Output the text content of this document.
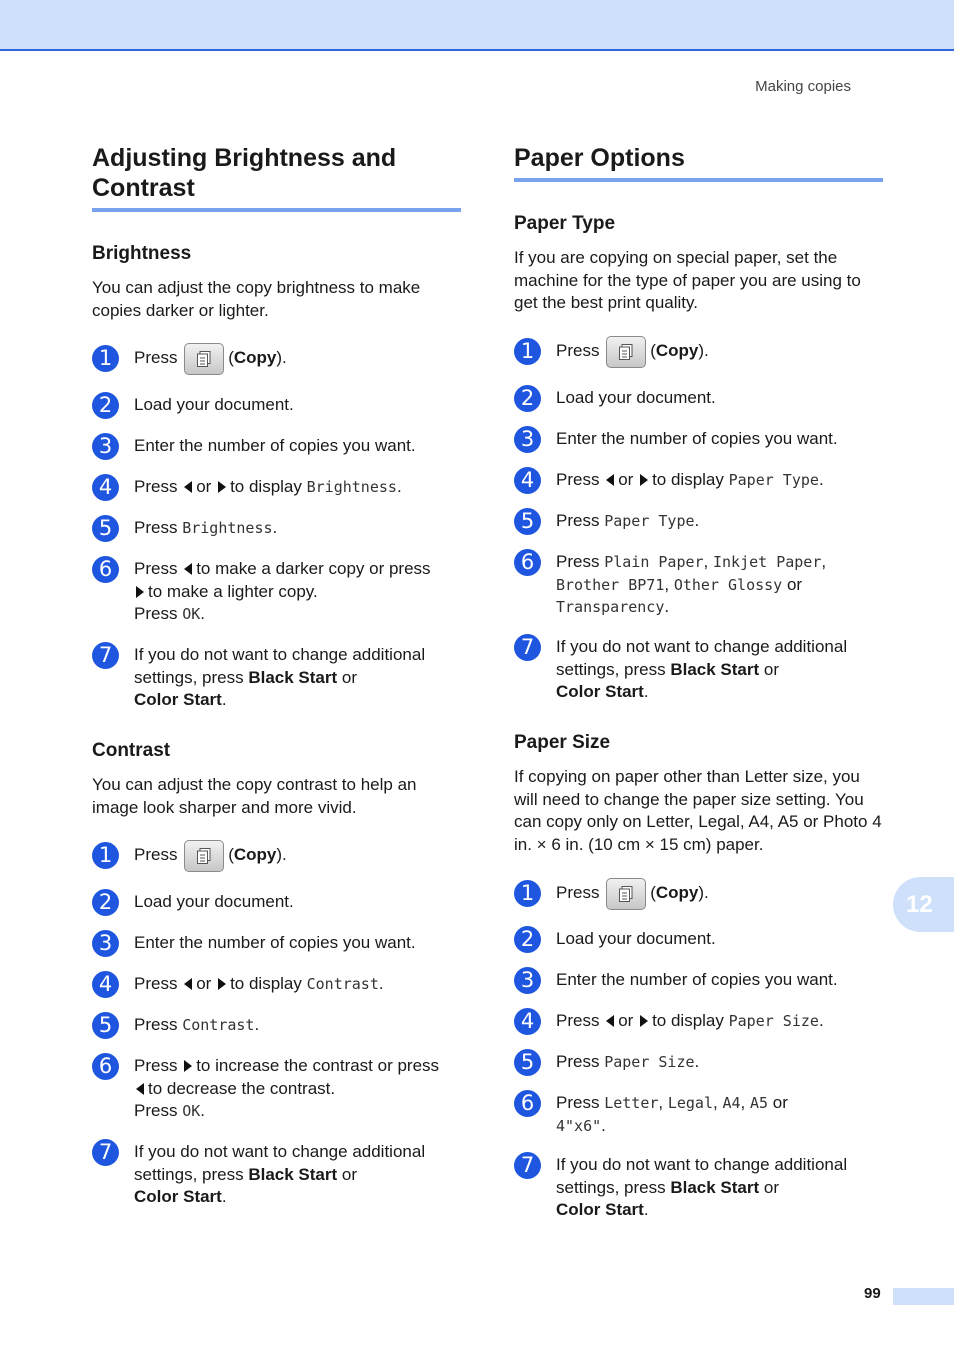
Making copies
Adjusting Brightness and
Contrast
Brightness

You can adjust the copy brightness to make copies darker or lighter.

1	Press	(Copy).
2	Load your document.
3	Enter the number of copies you want.
4	Press or to display Brightness.
5	Press Brightness.
6	Press to make a darker copy or press
to make a lighter copy.
Press OK.
7	If you do not want to change additional settings, press Black Start or
Color Start.
Contrast

You can adjust the copy contrast to help an image look sharper and more vivid.

1	Press	(Copy).
2	Load your document.
3	Enter the number of copies you want.
4	Press or to display Contrast.
5	Press Contrast.
6	Press to increase the contrast or press
to decrease the contrast.
Press OK.
7	If you do not want to change additional settings, press Black Start or
Color Start.
Paper Options
Paper Type

If you are copying on special paper, set the machine for the type of paper you are using to get the best print quality.

1	Press	(Copy).
2	Load your document.
3	Enter the number of copies you want.
4	Press or to display Paper Type.
5	Press Paper Type.
6	Press Plain Paper, Inkjet Paper,
Brother BP71, Other Glossy or
Transparency.
7	If you do not want to change additional settings, press Black Start or
Color Start.
Paper Size

If copying on paper other than Letter size, you will need to change the paper size setting. You can copy only on Letter, Legal, A4, A5 or Photo 4 in. × 6 in. (10 cm × 15 cm) paper.

1	Press	(Copy).
2	Load your document.
3	Enter the number of copies you want.
4	Press or to display Paper Size.
5	Press Paper Size.
6	Press Letter, Legal, A4, A5 or
4"x6".
7	If you do not want to change additional settings, press Black Start or
Color Start.
12
99
